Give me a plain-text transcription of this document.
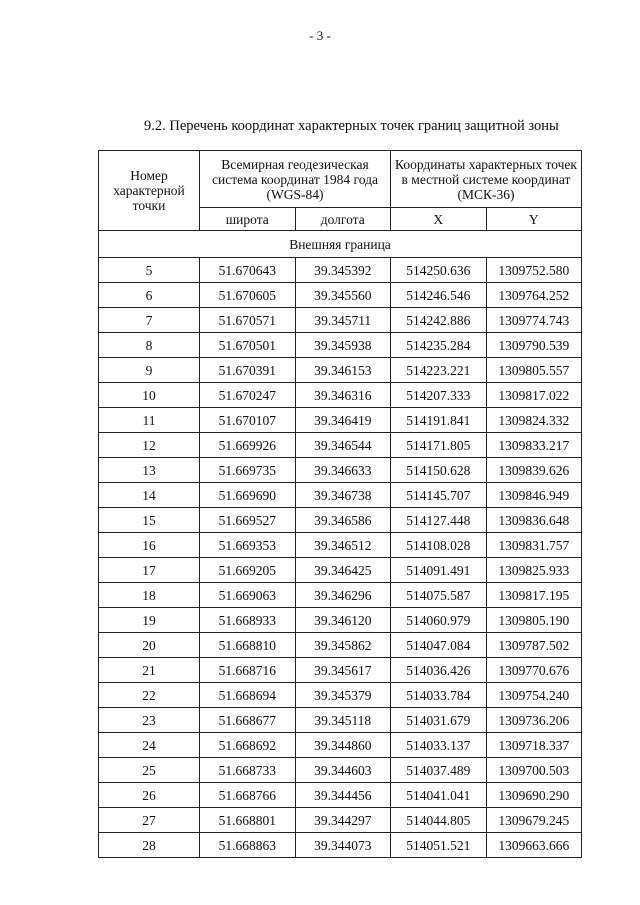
- 3 -
9.2. Перечень координат характерных точек границ защитной зоны
Номер характерной точки	Всемирная геодезическая система координат 1984 года (WGS-84)		Координаты характерных точек в местной системе координат (МСК-36)	
	широта	долгота	X	Y
Внешняя граница				
5	51.670643	39.345392	514250.636	1309752.580
6	51.670605	39.345560	514246.546	1309764.252
7	51.670571	39.345711	514242.886	1309774.743
8	51.670501	39.345938	514235.284	1309790.539
9	51.670391	39.346153	514223.221	1309805.557
10	51.670247	39.346316	514207.333	1309817.022
11	51.670107	39.346419	514191.841	1309824.332
12	51.669926	39.346544	514171.805	1309833.217
13	51.669735	39.346633	514150.628	1309839.626
14	51.669690	39.346738	514145.707	1309846.949
15	51.669527	39.346586	514127.448	1309836.648
16	51.669353	39.346512	514108.028	1309831.757
17	51.669205	39.346425	514091.491	1309825.933
18	51.669063	39.346296	514075.587	1309817.195
19	51.668933	39.346120	514060.979	1309805.190
20	51.668810	39.345862	514047.084	1309787.502
21	51.668716	39.345617	514036.426	1309770.676
22	51.668694	39.345379	514033.784	1309754.240
23	51.668677	39.345118	514031.679	1309736.206
24	51.668692	39.344860	514033.137	1309718.337
25	51.668733	39.344603	514037.489	1309700.503
26	51.668766	39.344456	514041.041	1309690.290
27	51.668801	39.344297	514044.805	1309679.245
28	51.668863	39.344073	514051.521	1309663.666
